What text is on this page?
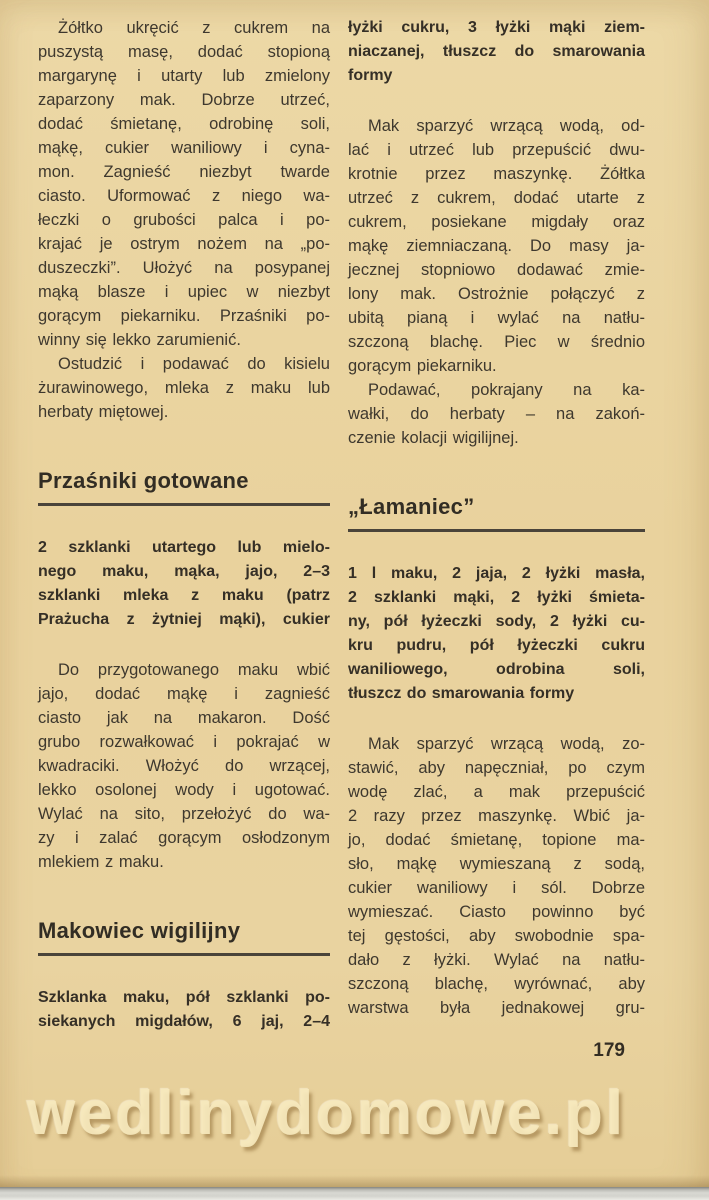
Żółtko ukręcić z cukrem na
puszystą masę, dodać stopioną
margarynę i utarty lub zmielony
zaparzony mak. Dobrze utrzeć,
dodać śmietanę, odrobinę soli,
mąkę, cukier waniliowy i cyna-
mon. Zagnieść niezbyt twarde
ciasto. Uformować z niego wa-
łeczki o grubości palca i po-
krajać je ostrym nożem na „po-
duszeczki”. Ułożyć na posypanej
mąką blasze i upiec w niezbyt
gorącym piekarniku. Przaśniki po-
winny się lekko zarumienić.
Ostudzić i podawać do kisielu
żurawinowego, mleka z maku lub
herbaty miętowej.
Przaśniki gotowane
2 szklanki utartego lub mielo-
nego maku, mąka, jajo, 2–3
szklanki mleka z maku (patrz
Prażucha z żytniej mąki), cukier
Do przygotowanego maku wbić
jajo, dodać mąkę i zagnieść
ciasto jak na makaron. Dość
grubo rozwałkować i pokrajać w
kwadraciki. Włożyć do wrzącej,
lekko osolonej wody i ugotować.
Wylać na sito, przełożyć do wa-
zy i zalać gorącym osłodzonym
mlekiem z maku.
Makowiec wigilijny
Szklanka maku, pół szklanki po-
siekanych migdałów, 6 jaj, 2–4
łyżki cukru, 3 łyżki mąki ziem-
niaczanej, tłuszcz do smarowania
formy
Mak sparzyć wrzącą wodą, od-
lać i utrzeć lub przepuścić dwu-
krotnie przez maszynkę. Żółtka
utrzeć z cukrem, dodać utarte z
cukrem, posiekane migdały oraz
mąkę ziemniaczaną. Do masy ja-
jecznej stopniowo dodawać zmie-
lony mak. Ostrożnie połączyć z
ubitą pianą i wylać na natłu-
szczoną blachę. Piec w średnio
gorącym piekarniku.
Podawać, pokrajany na ka-
wałki, do herbaty – na zakoń-
czenie kolacji wigilijnej.
„Łamaniec”
1 l maku, 2 jaja, 2 łyżki masła,
2 szklanki mąki, 2 łyżki śmieta-
ny, pół łyżeczki sody, 2 łyżki cu-
kru pudru, pół łyżeczki cukru
waniliowego, odrobina soli,
tłuszcz do smarowania formy
Mak sparzyć wrzącą wodą, zo-
stawić, aby napęczniał, po czym
wodę zlać, a mak przepuścić
2 razy przez maszynkę. Wbić ja-
jo, dodać śmietanę, topione ma-
sło, mąkę wymieszaną z sodą,
cukier waniliowy i sól. Dobrze
wymieszać. Ciasto powinno być
tej gęstości, aby swobodnie spa-
dało z łyżki. Wylać na natłu-
szczoną blachę, wyrównać, aby
warstwa była jednakowej gru-
179
wedlinydomowe.pl
